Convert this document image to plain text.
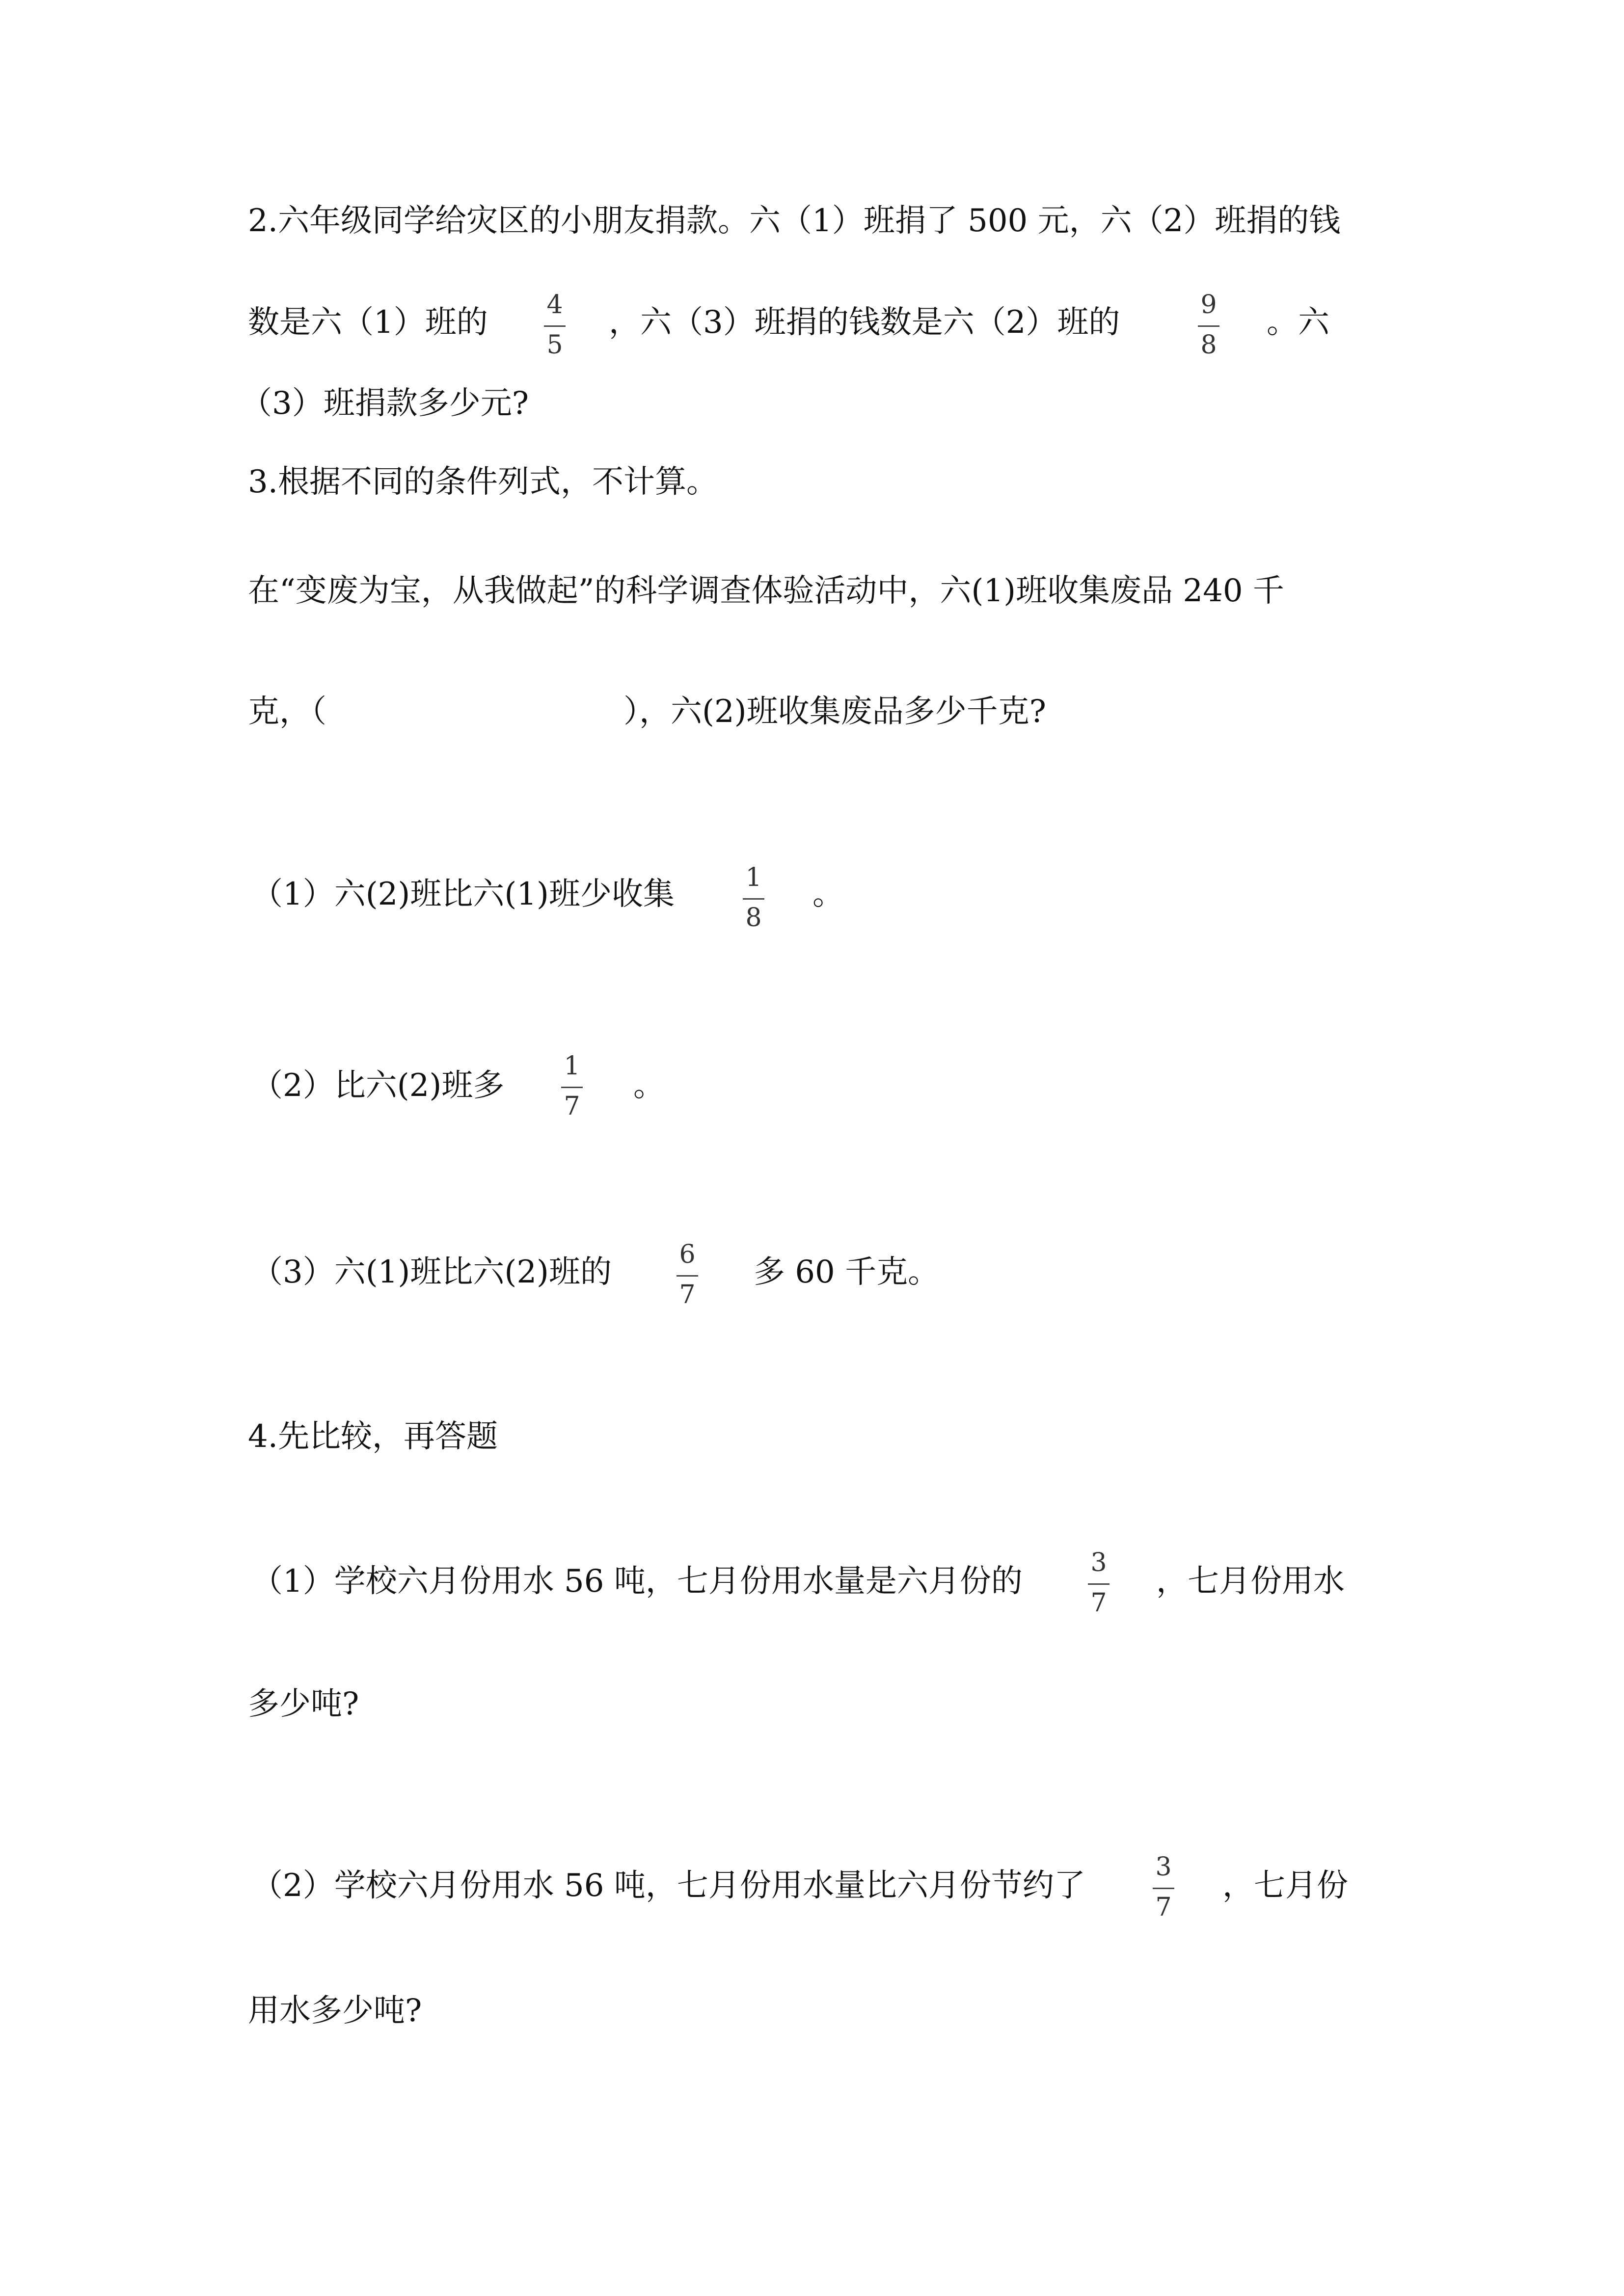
2.六年级同学给灾区的小朋友捐款。六（1）班捐了 500 元，六（2）班捐的钱
数是六（1）班的	4
5
，六（3）班捐的钱数是六（2）班的	9
8
。六
（3）班捐款多少元?
3.根据不同的条件列式，不计算。
在“变废为宝，从我做起”的科学调查体验活动中，六(1)班收集废品 240 千
克，（	），六(2)班收集废品多少千克?
（1）六(2)班比六(1)班少收集	1
8
。
（2）比六(2)班多
1
7
。
（3）六(1)班比六(2)班的	6
7
多 60 千克。
4.先比较，再答题
（1）学校六月份用水 56 吨，七月份用水量是六月份的
3
7
，七月份用水
多少吨?
（2）学校六月份用水 56 吨，七月份用水量比六月份节约了
3
7
，七月份
用水多少吨?
